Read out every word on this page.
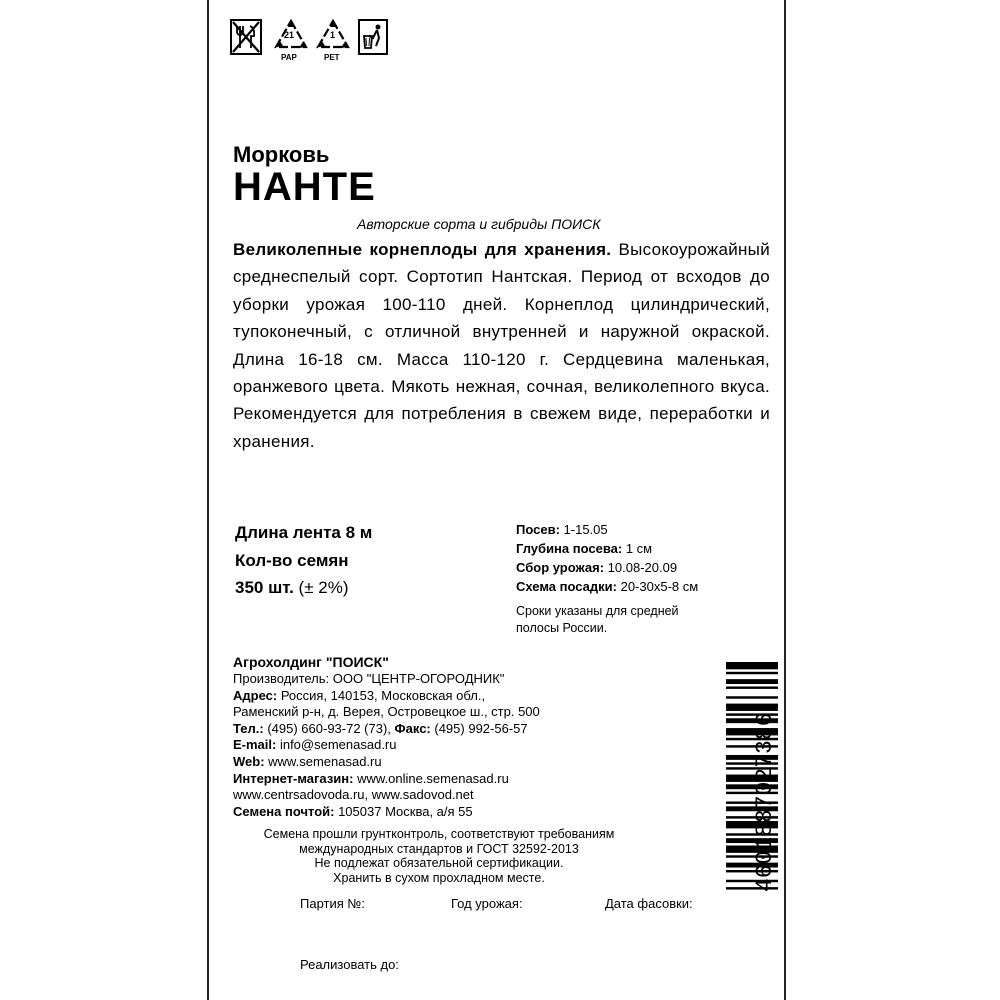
21
PAP
1
PET
Морковь
НАНТЕ
Авторские сорта и гибриды ПОИСК
Великолепные корнеплоды для хранения. Высокоурожайный среднеспелый сорт. Сортотип Нантская. Период от всходов до уборки урожая 100-110 дней. Корнеплод цилиндрический, тупоконечный, с отличной внутренней и наружной окраской. Длина 16-18 см. Масса 110-120 г. Сердцевина маленькая, оранжевого цвета. Мякоть нежная, сочная, великолепного вкуса. Рекомендуется для потребления в свежем виде, переработки и хранения.
Длина лента 8 м
Кол-во семян
350 шт. (± 2%)
Посев: 1-15.05
Глубина посева: 1 см
Сбор урожая: 10.08-20.09
Схема посадки: 20-30x5-8 см
Сроки указаны для средней полосы России.
Агрохолдинг "ПОИСК"
Производитель: ООО "ЦЕНТР-ОГОРОДНИК"
Адрес: Россия, 140153, Московская обл.,
Раменский р-н, д. Верея, Островецкое ш., стр. 500
Тел.: (495) 660-93-72 (73), Факс: (495) 992-56-57
E-mail: info@semenasad.ru
Web: www.semenasad.ru
Интернет-магазин: www.online.semenasad.ru
www.centrsadovoda.ru, www.sadovod.net
Семена почтой: 105037 Москва, а/я 55
Семена прошли грунтконтроль, соответствуют требованиям
международных стандартов и ГОСТ 32592-2013
Не подлежат обязательной сертификации.
Хранить в сухом прохладном месте.
Партия №:	Год урожая:	Дата фасовки:
Реализовать до:
4601887027386
